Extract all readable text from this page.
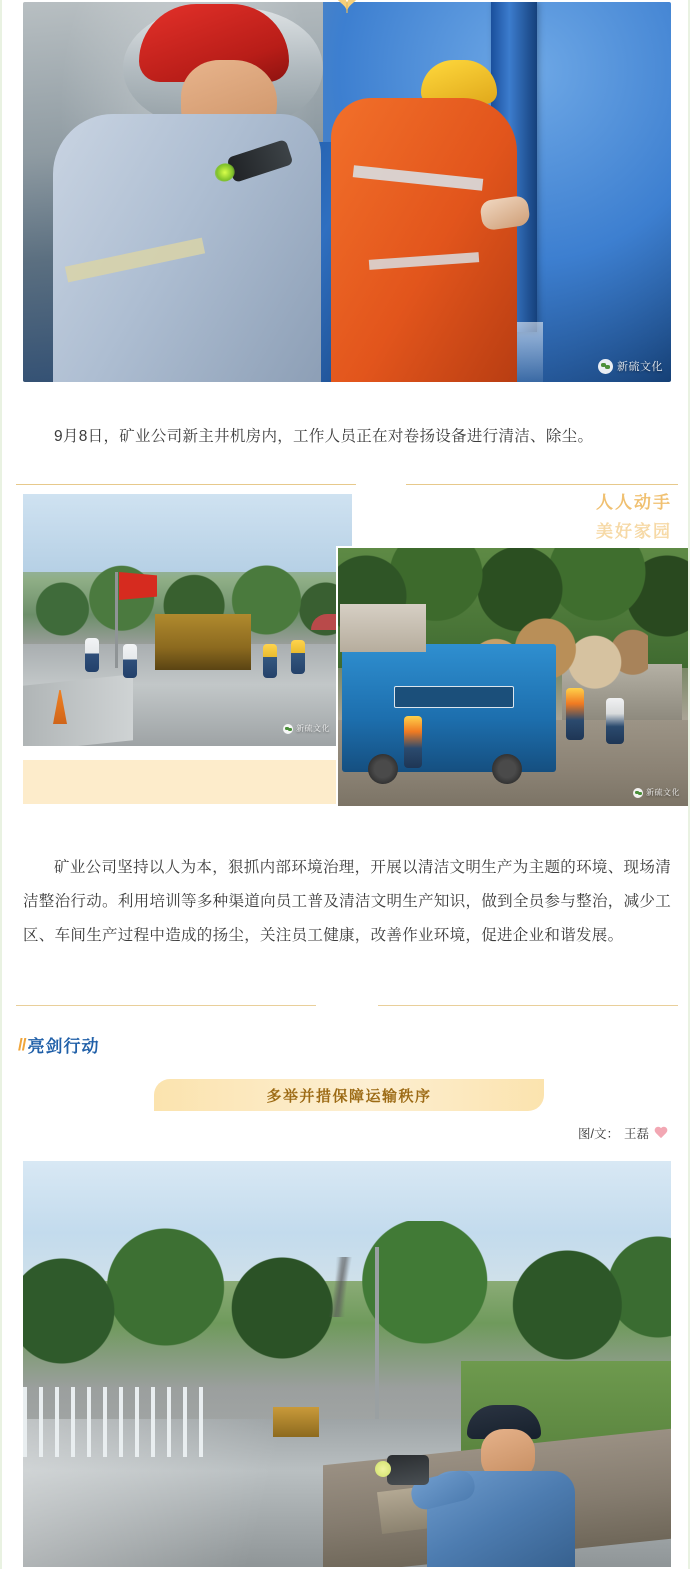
新硫文化

9月8日，矿业公司新主井机房内，工作人员正在对卷扬设备进行清洁、除尘。

人人动手
美好家园
新硫文化
新硫文化

矿业公司坚持以人为本，狠抓内部环境治理，开展以清洁文明生产为主题的环境、现场清洁整治行动。利用培训等多种渠道向员工普及清洁文明生产知识，做到全员参与整治，减少工区、车间生产过程中造成的扬尘，关注员工健康，改善作业环境，促进企业和谐发展。

// 亮剑行动
多举并措保障运输秩序
图/文： 王磊
